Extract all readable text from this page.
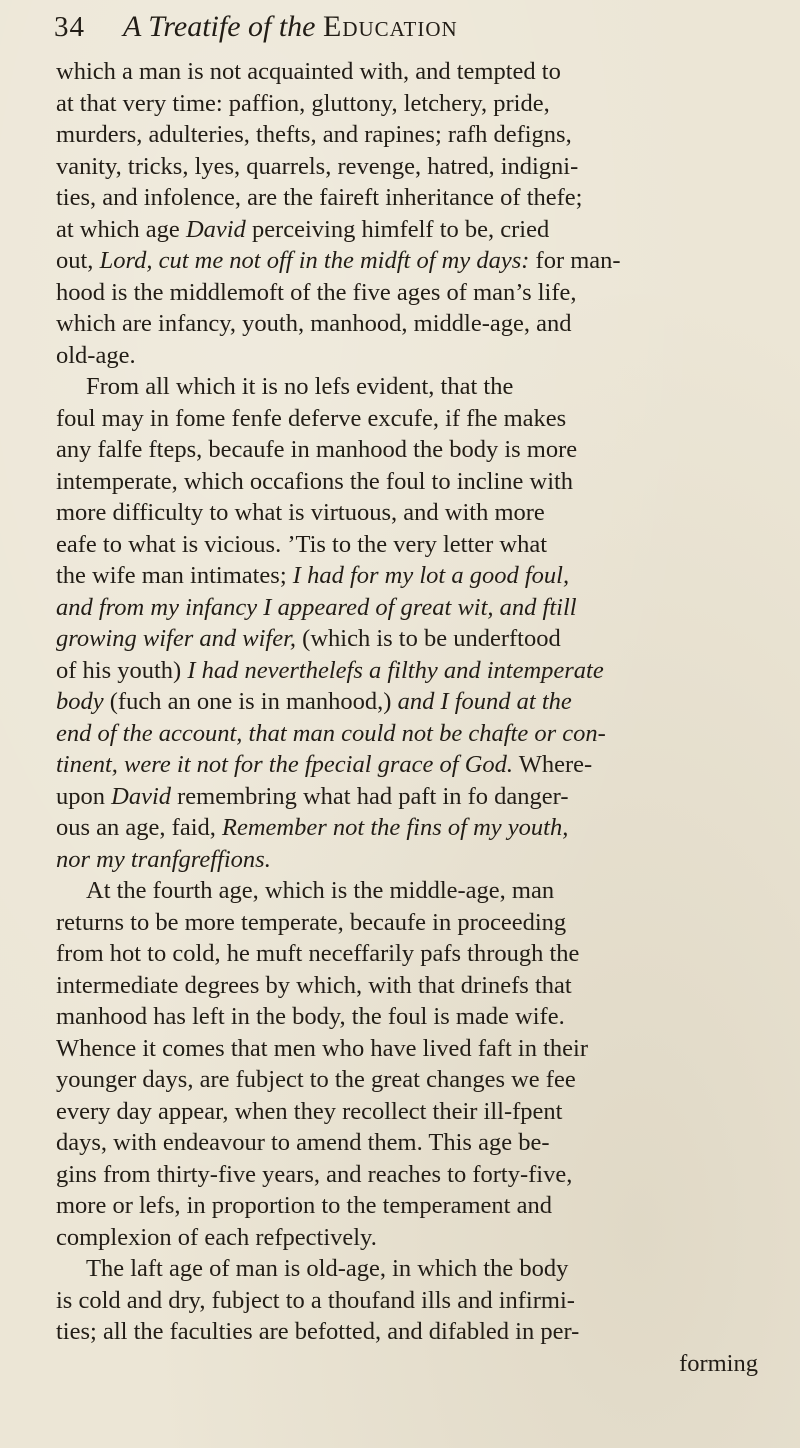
34 A Treatife of the Education
which a man is not acquainted with, and tempted to
at that very time: paffion, gluttony, letchery, pride,
murders, adulteries, thefts, and rapines; rafh defigns,
vanity, tricks, lyes, quarrels, revenge, hatred, indigni-
ties, and infolence, are the faireft inheritance of thefe;
at which age David perceiving himfelf to be, cried
out, Lord, cut me not off in the midft of my days: for man-
hood is the middlemoft of the five ages of man’s life,
which are infancy, youth, manhood, middle-age, and
old-age.
From all which it is no lefs evident, that the
foul may in fome fenfe deferve excufe, if fhe makes
any falfe fteps, becaufe in manhood the body is more
intemperate, which occafions the foul to incline with
more difficulty to what is virtuous, and with more
eafe to what is vicious. ’Tis to the very letter what
the wife man intimates; I had for my lot a good foul,
and from my infancy I appeared of great wit, and ftill
growing wifer and wifer, (which is to be underftood
of his youth) I had neverthelefs a filthy and intemperate
body (fuch an one is in manhood,) and I found at the
end of the account, that man could not be chafte or con-
tinent, were it not for the fpecial grace of God. Where-
upon David remembring what had paft in fo danger-
ous an age, faid, Remember not the fins of my youth,
nor my tranfgreffions.
At the fourth age, which is the middle-age, man
returns to be more temperate, becaufe in proceeding
from hot to cold, he muft neceffarily pafs through the
intermediate degrees by which, with that drinefs that
manhood has left in the body, the foul is made wife.
Whence it comes that men who have lived faft in their
younger days, are fubject to the great changes we fee
every day appear, when they recollect their ill-fpent
days, with endeavour to amend them. This age be-
gins from thirty-five years, and reaches to forty-five,
more or lefs, in proportion to the temperament and
complexion of each refpectively.
The laft age of man is old-age, in which the body
is cold and dry, fubject to a thoufand ills and infirmi-
ties; all the faculties are befotted, and difabled in per-
forming
